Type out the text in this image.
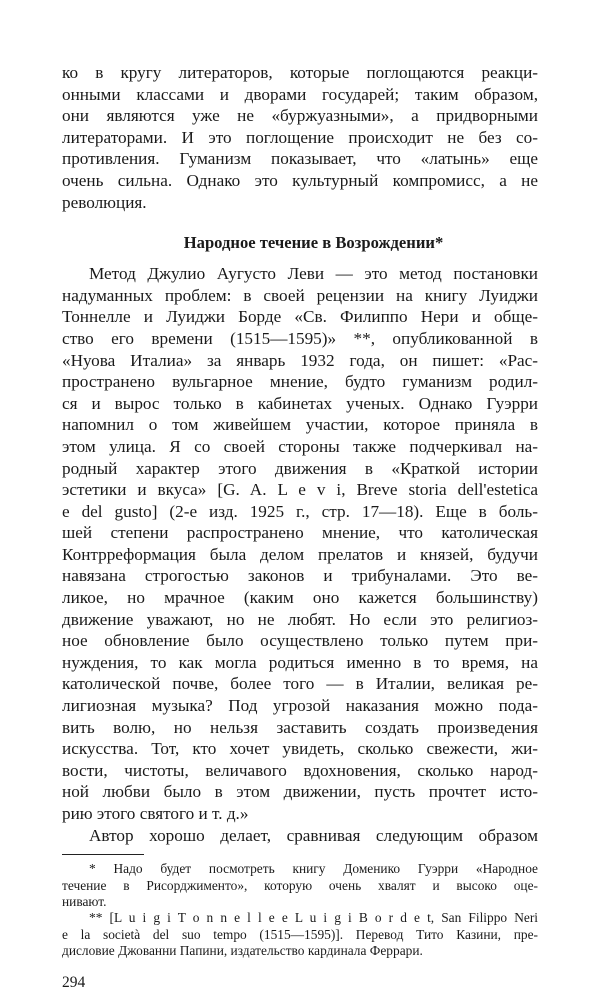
ко в кругу литераторов, которые поглощаются реакци-
онными классами и дворами государей; таким образом,
они являются уже не «буржуазными», а придворными
литераторами. И это поглощение происходит не без со-
противления. Гуманизм показывает, что «латынь» еще
очень сильна. Однако это культурный компромисс, а не
революция.
Народное течение в Возрождении*
Метод Джулио Аугусто Леви — это метод постановки
надуманных проблем: в своей рецензии на книгу Луиджи
Тоннелле и Луиджи Борде «Св. Филиппо Нери и обще-
ство его времени (1515—1595)» **, опубликованной в
«Нуова Италиа» за январь 1932 года, он пишет: «Рас-
пространено вульгарное мнение, будто гуманизм родил-
ся и вырос только в кабинетах ученых. Однако Гуэрри
напомнил о том живейшем участии, которое приняла в
этом улица. Я со своей стороны также подчеркивал на-
родный характер этого движения в «Краткой истории
эстетики и вкуса» [G. A. L e v i, Breve storia dell'estetica
e del gusto] (2-е изд. 1925 г., стр. 17—18). Еще в боль-
шей степени распространено мнение, что католическая
Контрреформация была делом прелатов и князей, будучи
навязана строгостью законов и трибуналами. Это ве-
ликое, но мрачное (каким оно кажется большинству)
движение уважают, но не любят. Но если это религиоз-
ное обновление было осуществлено только путем при-
нуждения, то как могла родиться именно в то время, на
католической почве, более того — в Италии, великая ре-
лигиозная музыка? Под угрозой наказания можно пода-
вить волю, но нельзя заставить создать произведения
искусства. Тот, кто хочет увидеть, сколько свежести, жи-
вости, чистоты, величавого вдохновения, сколько народ-
ной любви было в этом движении, пусть прочтет исто-
рию этого святого и т. д.»
Автор хорошо делает, сравнивая следующим образом
* Надо будет посмотреть книгу Доменико Гуэрри «Народное
течение в Рисорджименто», которую очень хвалят и высоко оце-
нивают.
** [L u i g i T o n n e l l e e L u i g i B o r d e t, San Filippo Neri
e la società del suo tempo (1515—1595)]. Перевод Тито Казини, пре-
дисловие Джованни Папини, издательство кардинала Феррари.
294
